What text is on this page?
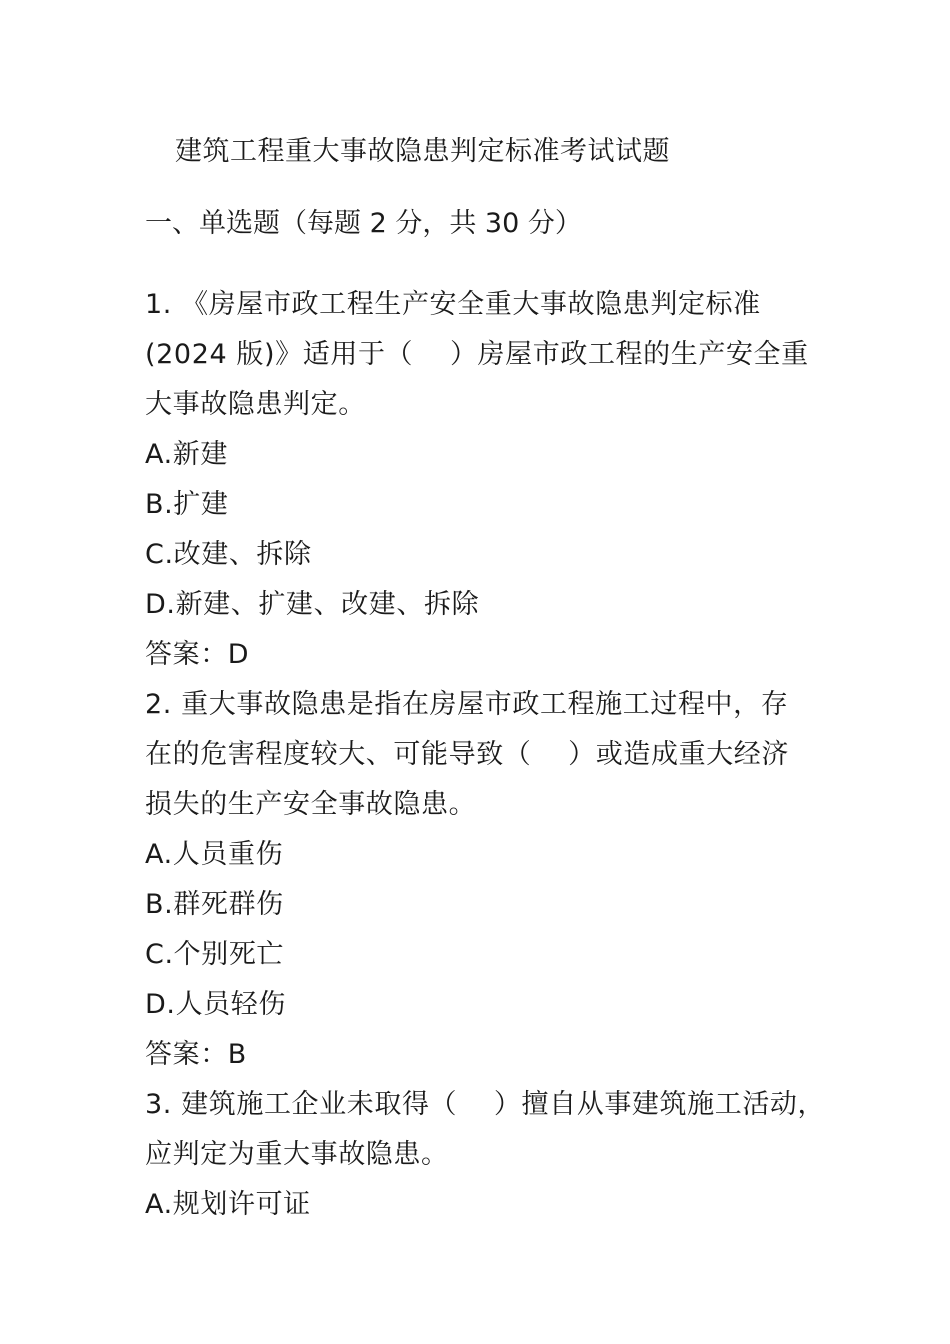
建筑工程重大事故隐患判定标准考试试题
一、单选题（每题 2 分，共 30 分）
1. 《房屋市政工程生产安全重大事故隐患判定标准
(2024 版)》适用于（　 ）房屋市政工程的生产安全重
大事故隐患判定。
A.新建
B.扩建
C.改建、拆除
D.新建、扩建、改建、拆除
答案：D
2. 重大事故隐患是指在房屋市政工程施工过程中，存
在的危害程度较大、可能导致（　 ）或造成重大经济
损失的生产安全事故隐患。
A.人员重伤
B.群死群伤
C.个别死亡
D.人员轻伤
答案：B
3. 建筑施工企业未取得（　 ）擅自从事建筑施工活动，
应判定为重大事故隐患。
A.规划许可证
